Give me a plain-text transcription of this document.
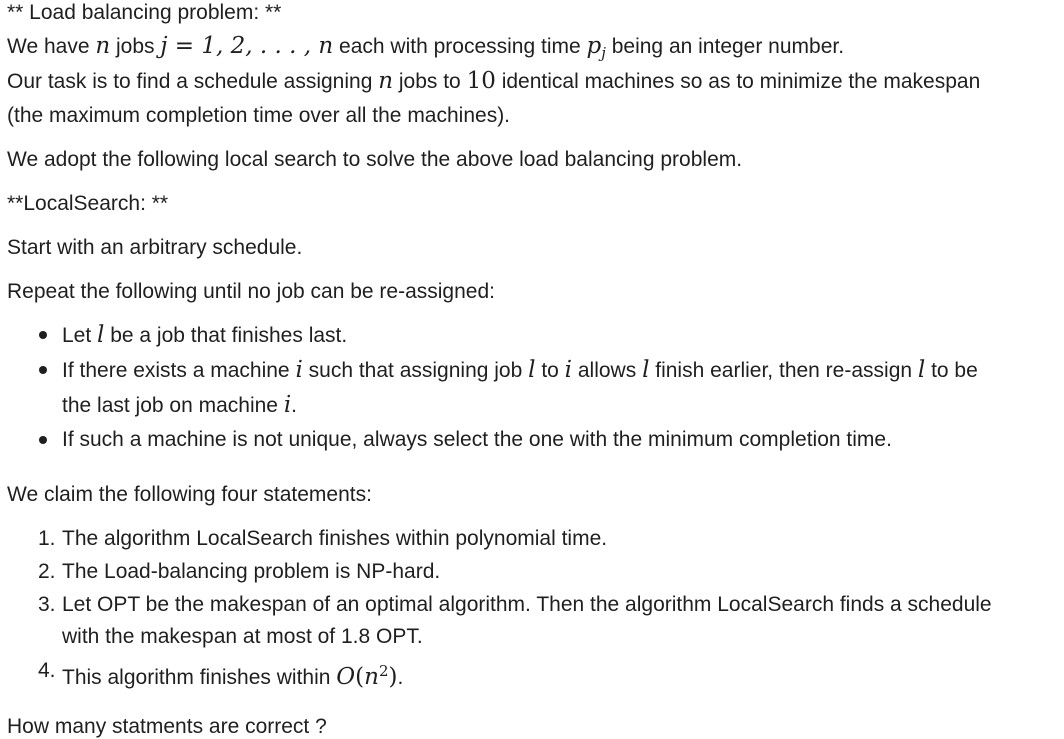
** Load balancing problem: **
We have n jobs j = 1, 2, . . . , n each with processing time $p_j$ being an integer number.
Our task is to find a schedule assigning n jobs to 10 identical machines so as to minimize the makespan
(the maximum completion time over all the machines).
We adopt the following local search to solve the above load balancing problem.
**LocalSearch: **
Start with an arbitrary schedule.
Repeat the following until no job can be re-assigned:
Let l be a job that finishes last.
If there exists a machine i such that assigning job l to i allows l finish earlier, then re-assign l to be
the last job on machine i.
If such a machine is not unique, always select the one with the minimum completion time.
We claim the following four statements:
1. The algorithm LocalSearch finishes within polynomial time.
2. The Load-balancing problem is NP-hard.
3. Let OPT be the makespan of an optimal algorithm. Then the algorithm LocalSearch finds a schedule
with the makespan at most of 1.8 OPT.
4. This algorithm finishes within $O(n^2)$.
How many statments are correct ?
